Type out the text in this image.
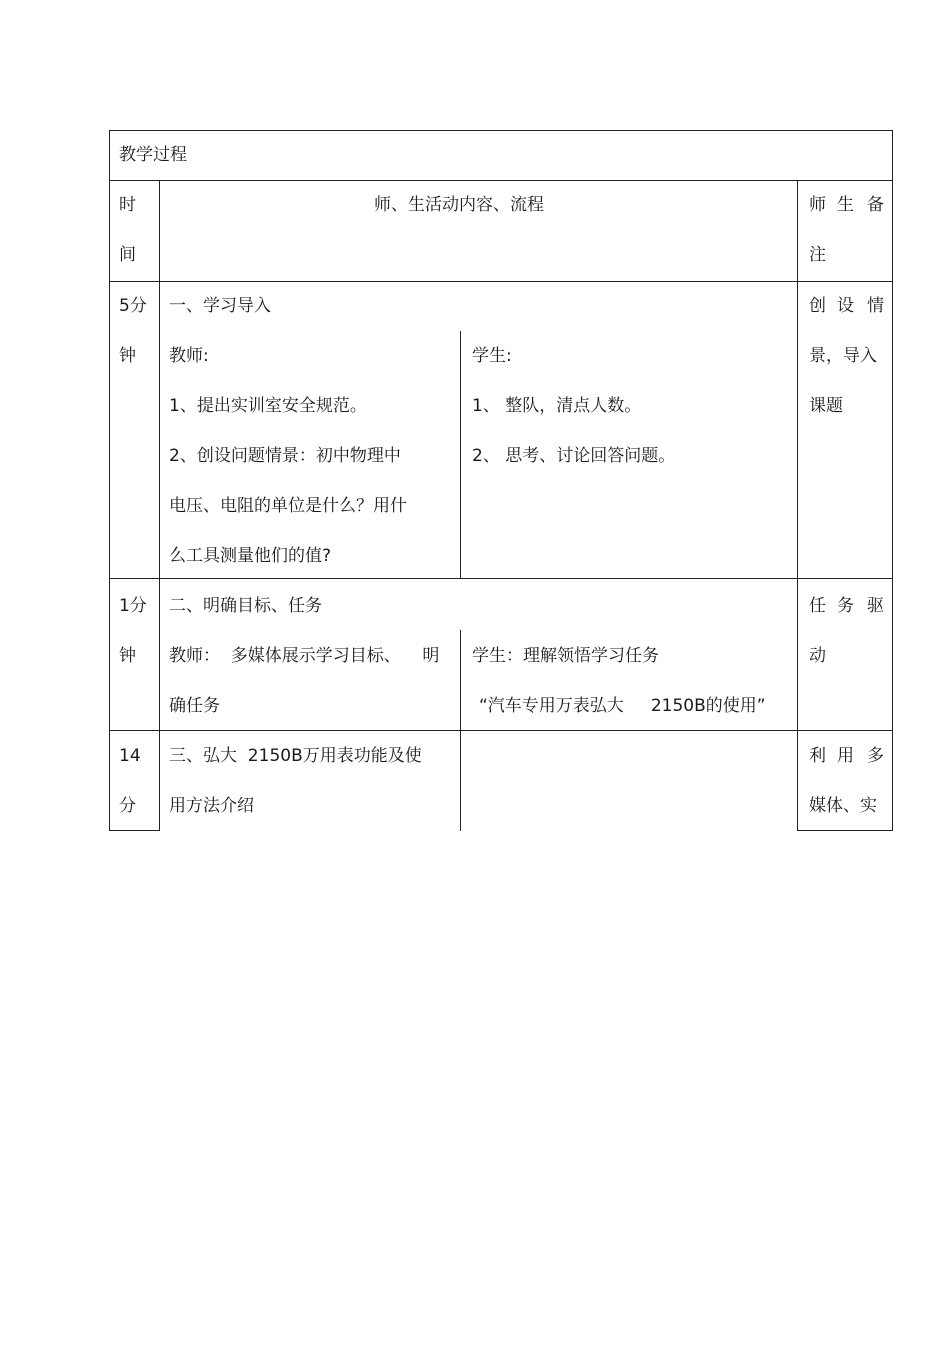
教学过程
时
间
师、生活动内容、流程	师 生 备
注
5分
钟
一、学习导入
教师:
1、提出实训室安全规范。
2、创设问题情景：初中物理中
电压、电阻的单位是什么？用什
么工具测量他们的值?
学生:
1、 整队，清点人数。
2、 思考、讨论回答问题。
创 设 情
景，导入
课题
1分
钟
二、明确目标、任务
教师：  多媒体展示学习目标、    明
确任务
学生：理解领悟学习任务
“汽车专用万表弘大     2150B的使用”
任 务 驱
动
14
分
三、弘大  2150B万用表功能及使
用方法介绍
利 用 多
媒体、实
